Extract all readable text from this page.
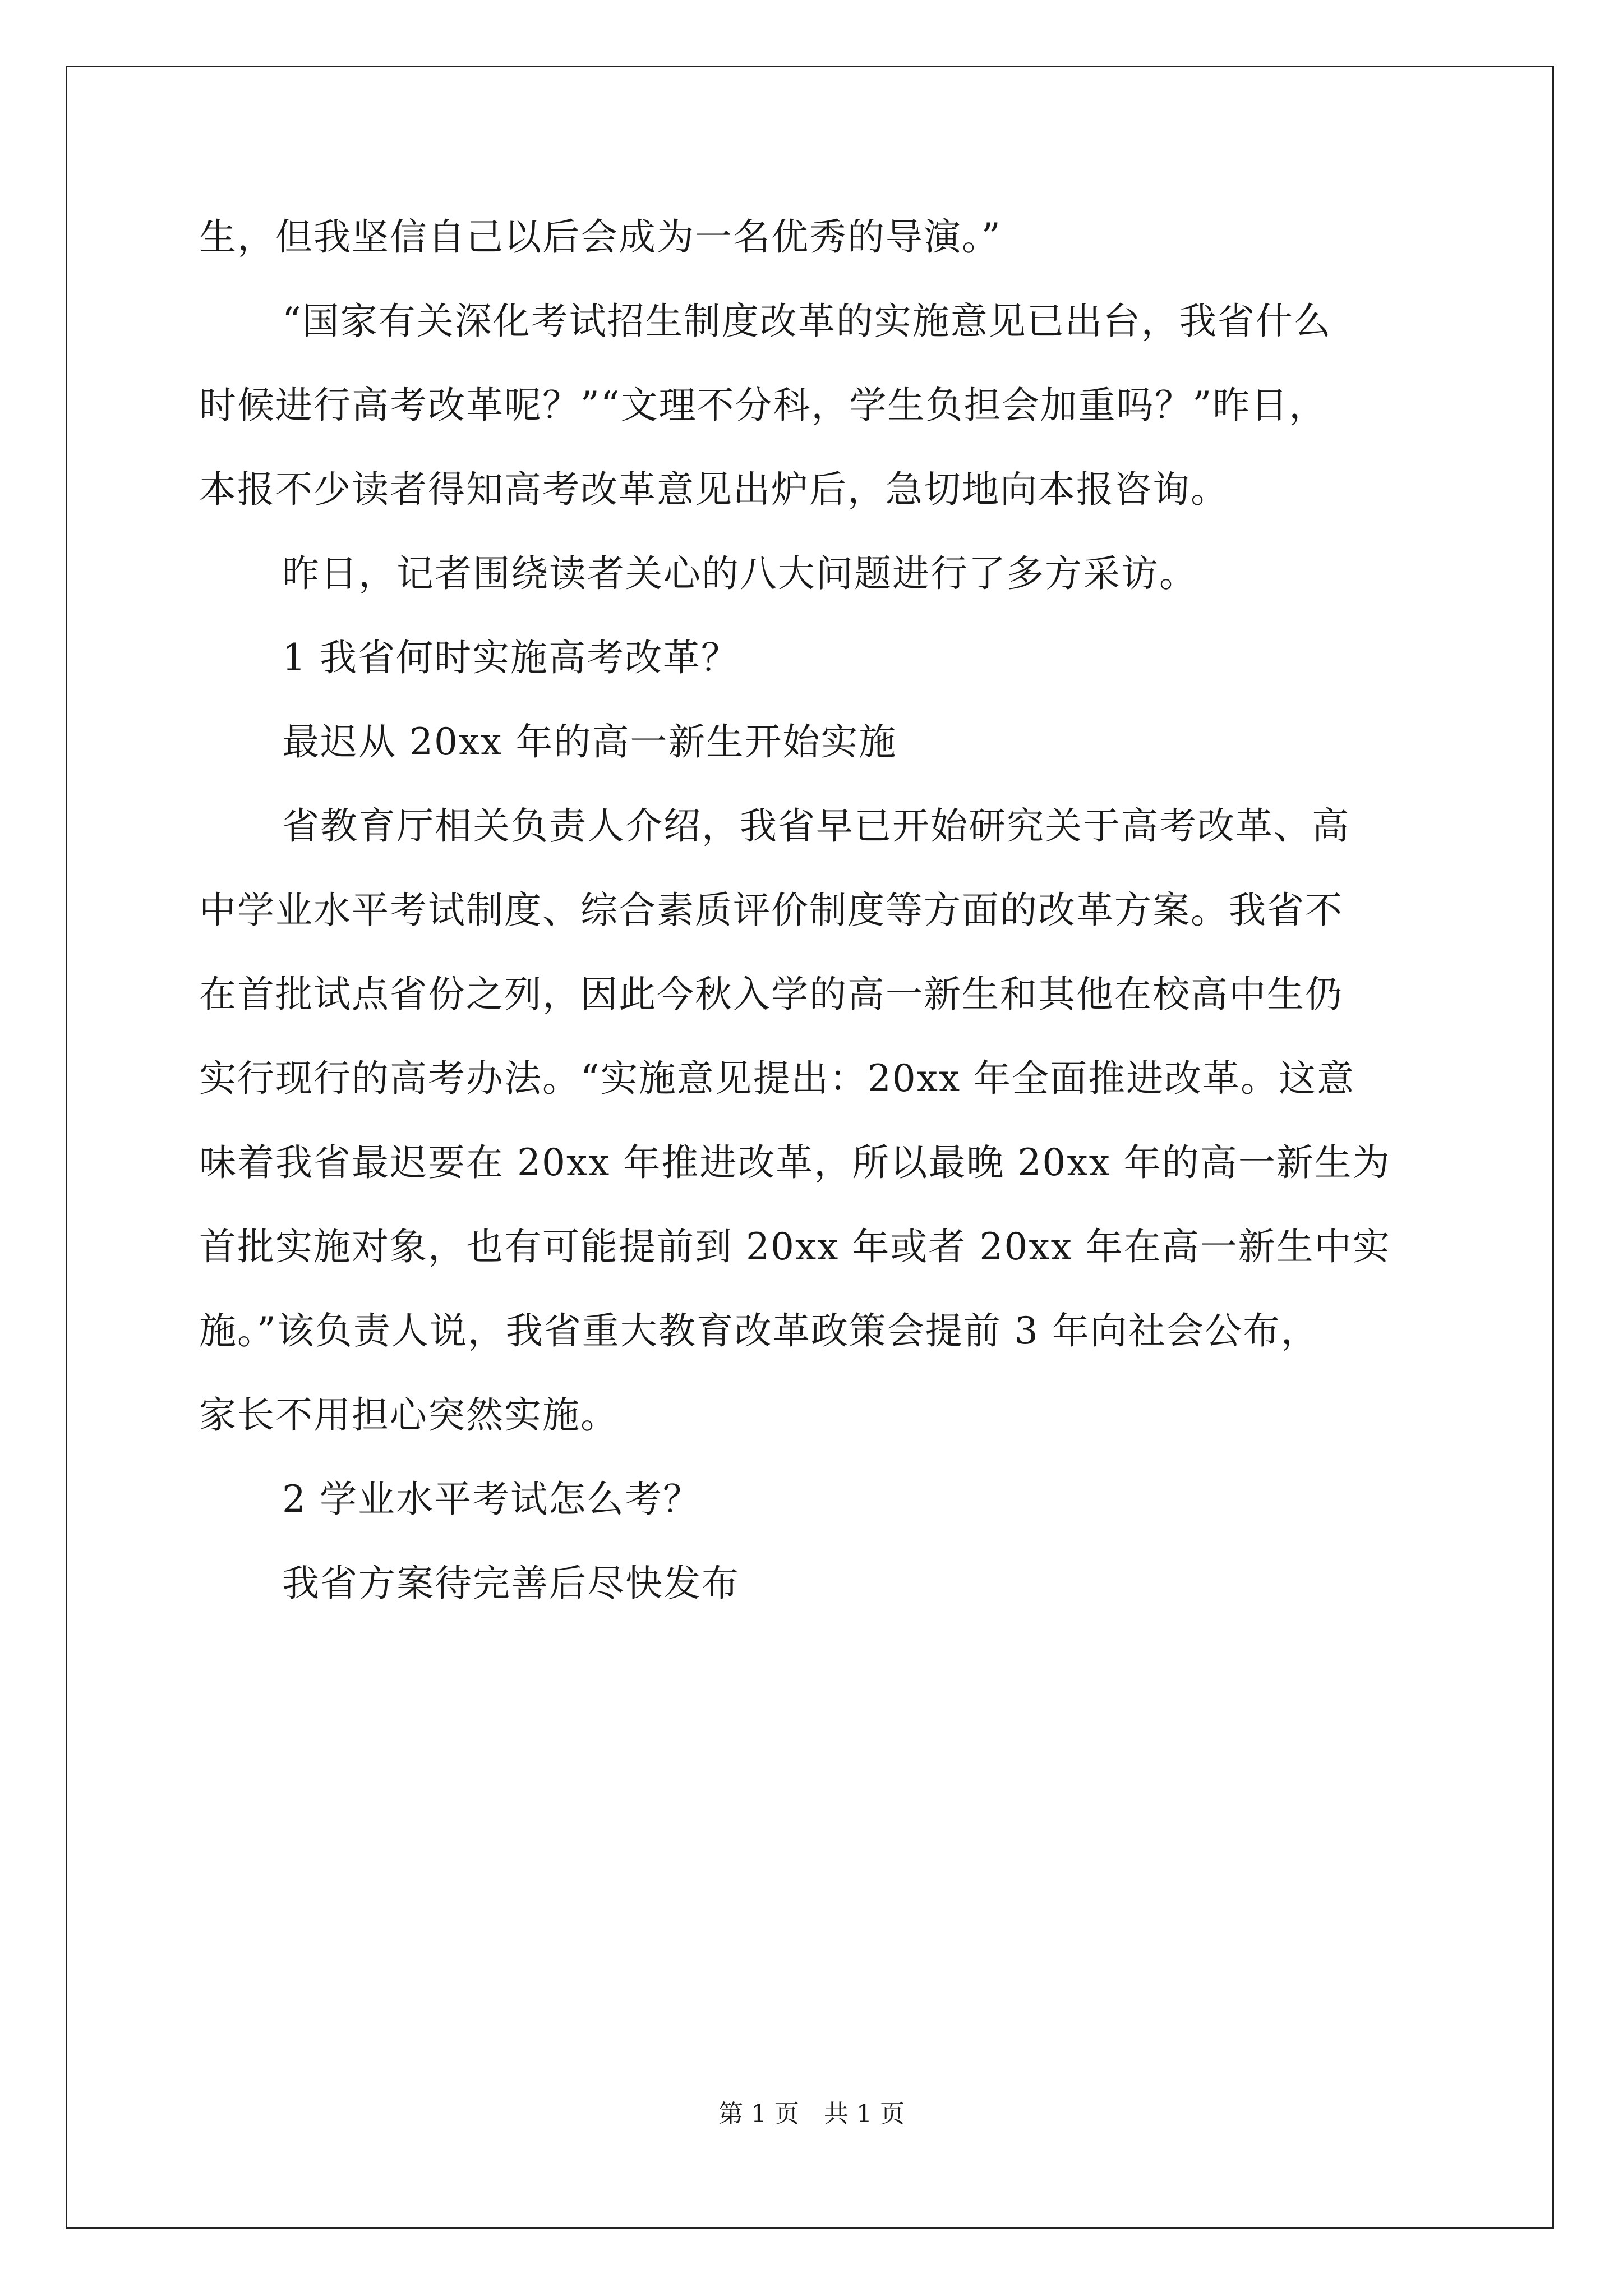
生，但我坚信自己以后会成为一名优秀的导演。”

“国家有关深化考试招生制度改革的实施意见已出台，我省什么

时候进行高考改革呢？”“文理不分科，学生负担会加重吗？”昨日，

本报不少读者得知高考改革意见出炉后，急切地向本报咨询。

昨日，记者围绕读者关心的八大问题进行了多方采访。

1 我省何时实施高考改革？

最迟从 20xx 年的高一新生开始实施

省教育厅相关负责人介绍，我省早已开始研究关于高考改革、高

中学业水平考试制度、综合素质评价制度等方面的改革方案。我省不

在首批试点省份之列，因此今秋入学的高一新生和其他在校高中生仍

实行现行的高考办法。“实施意见提出：20xx 年全面推进改革。这意

味着我省最迟要在 20xx 年推进改革，所以最晚 20xx 年的高一新生为

首批实施对象，也有可能提前到 20xx 年或者 20xx 年在高一新生中实

施。”该负责人说，我省重大教育改革政策会提前 3 年向社会公布，

家长不用担心突然实施。

2 学业水平考试怎么考？

我省方案待完善后尽快发布

第 1 页　共 1 页
